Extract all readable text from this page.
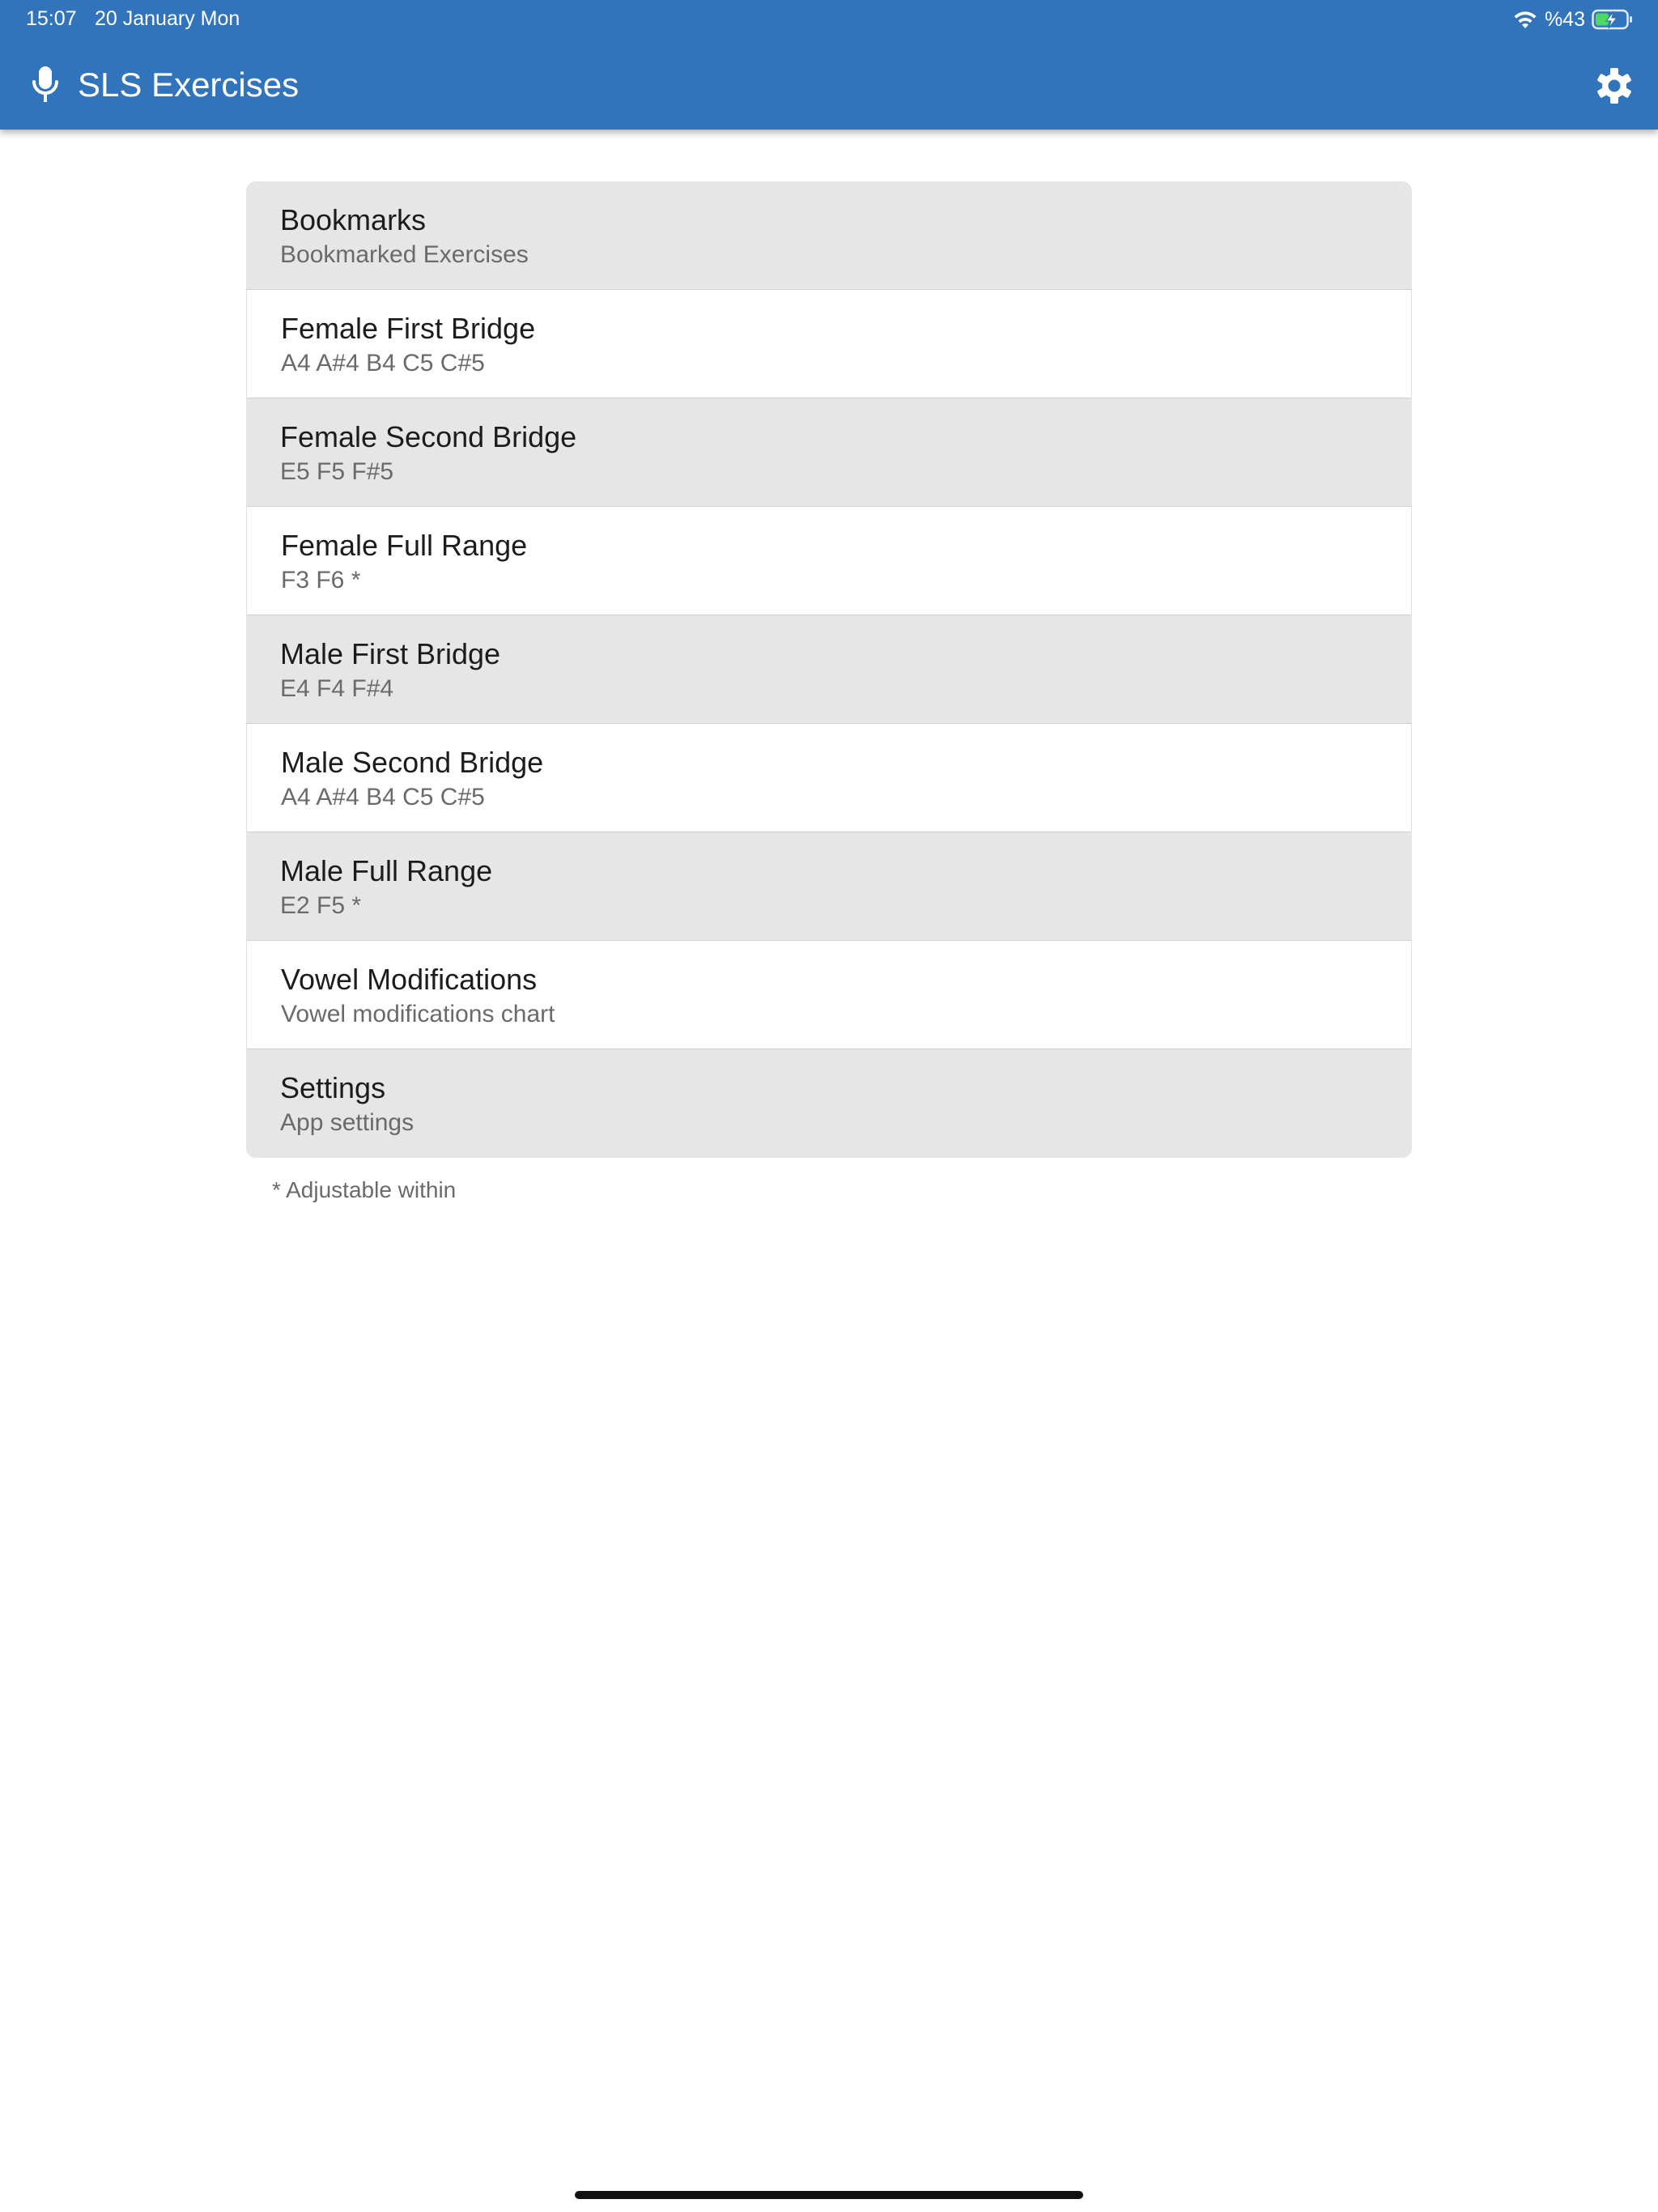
15:07 20 January Mon	%43
SLS Exercises
Bookmarks
Bookmarked Exercises
Female First Bridge
A4 A#4 B4 C5 C#5
Female Second Bridge
E5 F5 F#5
Female Full Range
F3 F6 *
Male First Bridge
E4 F4 F#4
Male Second Bridge
A4 A#4 B4 C5 C#5
Male Full Range
E2 F5 *
Vowel Modifications
Vowel modifications chart
Settings
App settings
* Adjustable within
